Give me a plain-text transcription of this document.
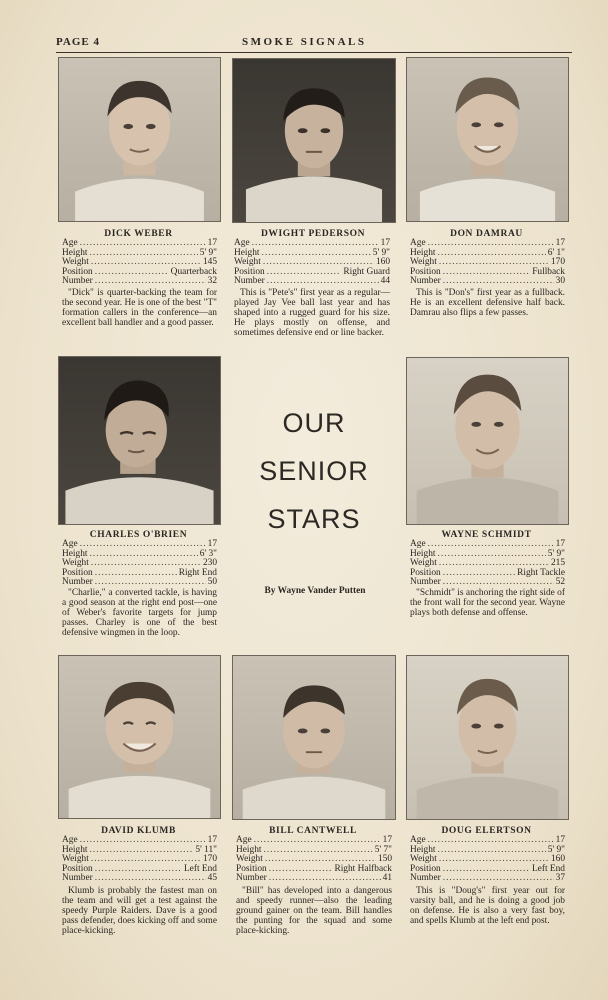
PAGE 4	SMOKE SIGNALS
DICK WEBER
Age .....	17
Height .....	5' 9"
Weight .....	145
Position .....	Quarterback
Number .....	32
"Dick" is quarter-backing the team for the second year. He is one of the best "T" formation callers in the conference—an excellent ball handler and a good passer.
DWIGHT PEDERSON
Age .....	17
Height .....	5' 9"
Weight .....	160
Position .....	Right Guard
Number .....	44
This is "Pete's" first year as a regular—played Jay Vee ball last year and has shaped into a rugged guard for his size. He plays mostly on offense, and sometimes defensive end or line backer.
DON DAMRAU
Age .....	17
Height .....	6' 1"
Weight .....	170
Position .....	Fullback
Number .....	30
This is "Don's" first year as a fullback. He is an excellent defensive half back. Damrau also flips a few passes.
CHARLES O'BRIEN
Age .....	17
Height .....	6' 3"
Weight .....	230
Position .....	Right End
Number .....	50
"Charlie," a converted tackle, is having a good season at the right end post—one of Weber's favorite targets for jump passes. Charley is one of the best defensive wingmen in the loop.
OUR
SENIOR
STARS
By Wayne Vander Putten
WAYNE SCHMIDT
Age .....	17
Height .....	5' 9"
Weight .....	215
Position .....	Right Tackle
Number .....	52
"Schmidt" is anchoring the right side of the front wall for the second year. Wayne plays both defense and offense.
DAVID KLUMB
Age .....	17
Height .....	5' 11"
Weight .....	170
Position .....	Left End
Number .....	45
Klumb is probably the fastest man on the team and will get a test against the speedy Purple Raiders. Dave is a good pass defender, does kicking off and some place-kicking.
BILL CANTWELL
Age .....	17
Height .....	5' 7"
Weight .....	150
Position .....	Right Halfback
Number .....	41
"Bill" has developed into a dangerous and speedy runner—also the leading ground gainer on the team. Bill handles the punting for the squad and some place-kicking.
DOUG ELERTSON
Age .....	17
Height .....	5' 9"
Weight .....	160
Position .....	Left End
Number .....	37
This is "Doug's" first year out for varsity ball, and he is doing a good job on defense. He is also a very fast boy, and spells Klumb at the left end post.
